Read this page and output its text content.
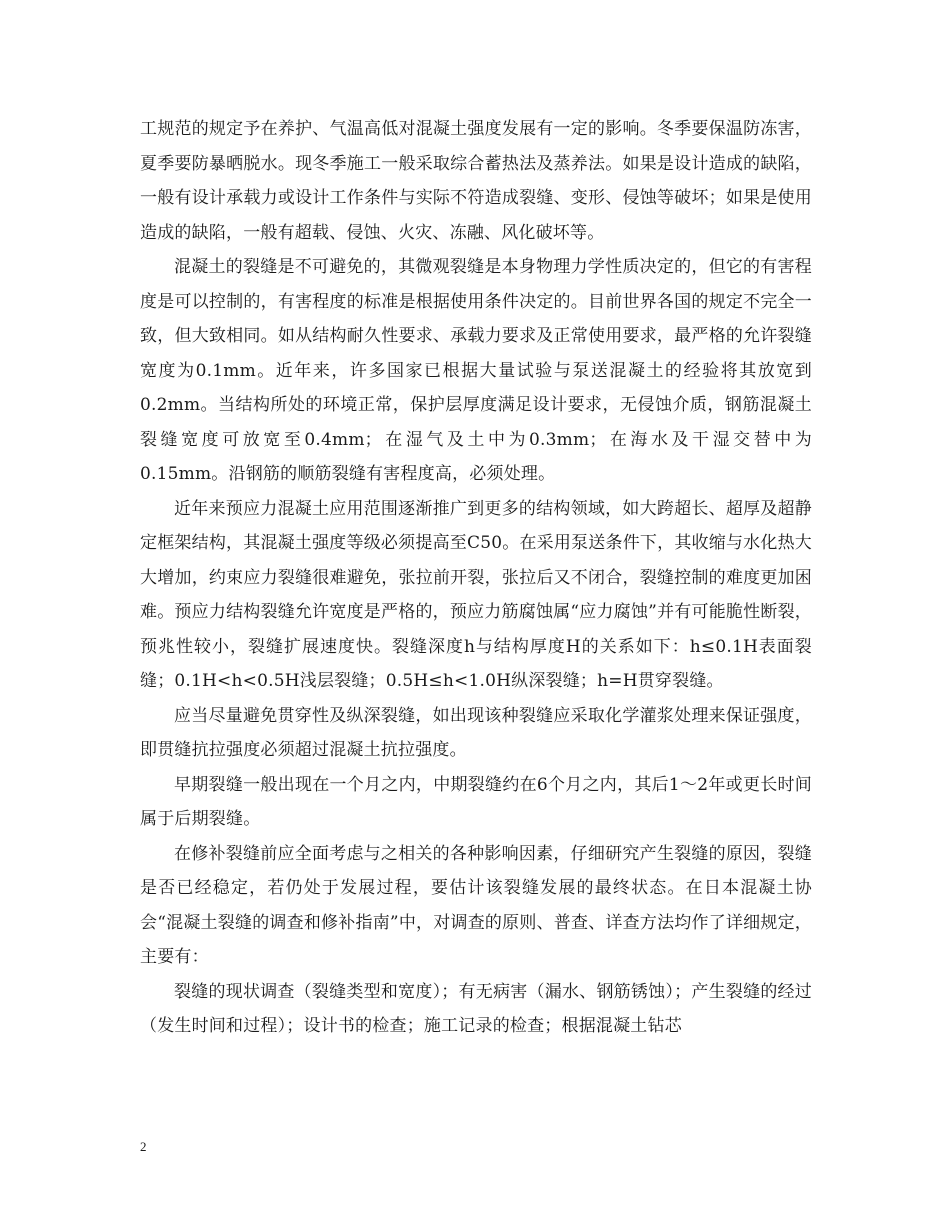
工规范的规定予在养护、气温高低对混凝土强度发展有一定的影响。冬季要保温防冻害，夏季要防暴晒脱水。现冬季施工一般采取综合蓄热法及蒸养法。如果是设计造成的缺陷，一般有设计承载力或设计工作条件与实际不符造成裂缝、变形、侵蚀等破坏；如果是使用造成的缺陷，一般有超载、侵蚀、火灾、冻融、风化破坏等。

混凝土的裂缝是不可避免的，其微观裂缝是本身物理力学性质决定的，但它的有害程度是可以控制的，有害程度的标准是根据使用条件决定的。目前世界各国的规定不完全一致，但大致相同。如从结构耐久性要求、承载力要求及正常使用要求，最严格的允许裂缝宽度为0.1mm。近年来，许多国家已根据大量试验与泵送混凝土的经验将其放宽到0.2mm。当结构所处的环境正常，保护层厚度满足设计要求，无侵蚀介质，钢筋混凝土裂缝宽度可放宽至0.4mm；在湿气及土中为0.3mm；在海水及干湿交替中为0.15mm。沿钢筋的顺筋裂缝有害程度高，必须处理。

近年来预应力混凝土应用范围逐渐推广到更多的结构领域，如大跨超长、超厚及超静定框架结构，其混凝土强度等级必须提高至C50。在采用泵送条件下，其收缩与水化热大大增加，约束应力裂缝很难避免，张拉前开裂，张拉后又不闭合，裂缝控制的难度更加困难。预应力结构裂缝允许宽度是严格的，预应力筋腐蚀属“应力腐蚀”并有可能脆性断裂，预兆性较小，裂缝扩展速度快。裂缝深度h与结构厚度H的关系如下：h≤0.1H表面裂缝；0.1H<h<0.5H浅层裂缝；0.5H≤h<1.0H纵深裂缝；h=H贯穿裂缝。

应当尽量避免贯穿性及纵深裂缝，如出现该种裂缝应采取化学灌浆处理来保证强度，即贯缝抗拉强度必须超过混凝土抗拉强度。

早期裂缝一般出现在一个月之内，中期裂缝约在6个月之内，其后1～2年或更长时间属于后期裂缝。

在修补裂缝前应全面考虑与之相关的各种影响因素，仔细研究产生裂缝的原因，裂缝是否已经稳定，若仍处于发展过程，要估计该裂缝发展的最终状态。在日本混凝土协会“混凝土裂缝的调查和修补指南”中，对调查的原则、普查、详查方法均作了详细规定，主要有：

裂缝的现状调查（裂缝类型和宽度）；有无病害（漏水、钢筋锈蚀）；产生裂缝的经过（发生时间和过程）；设计书的检查；施工记录的检查；根据混凝土钻芯

2
